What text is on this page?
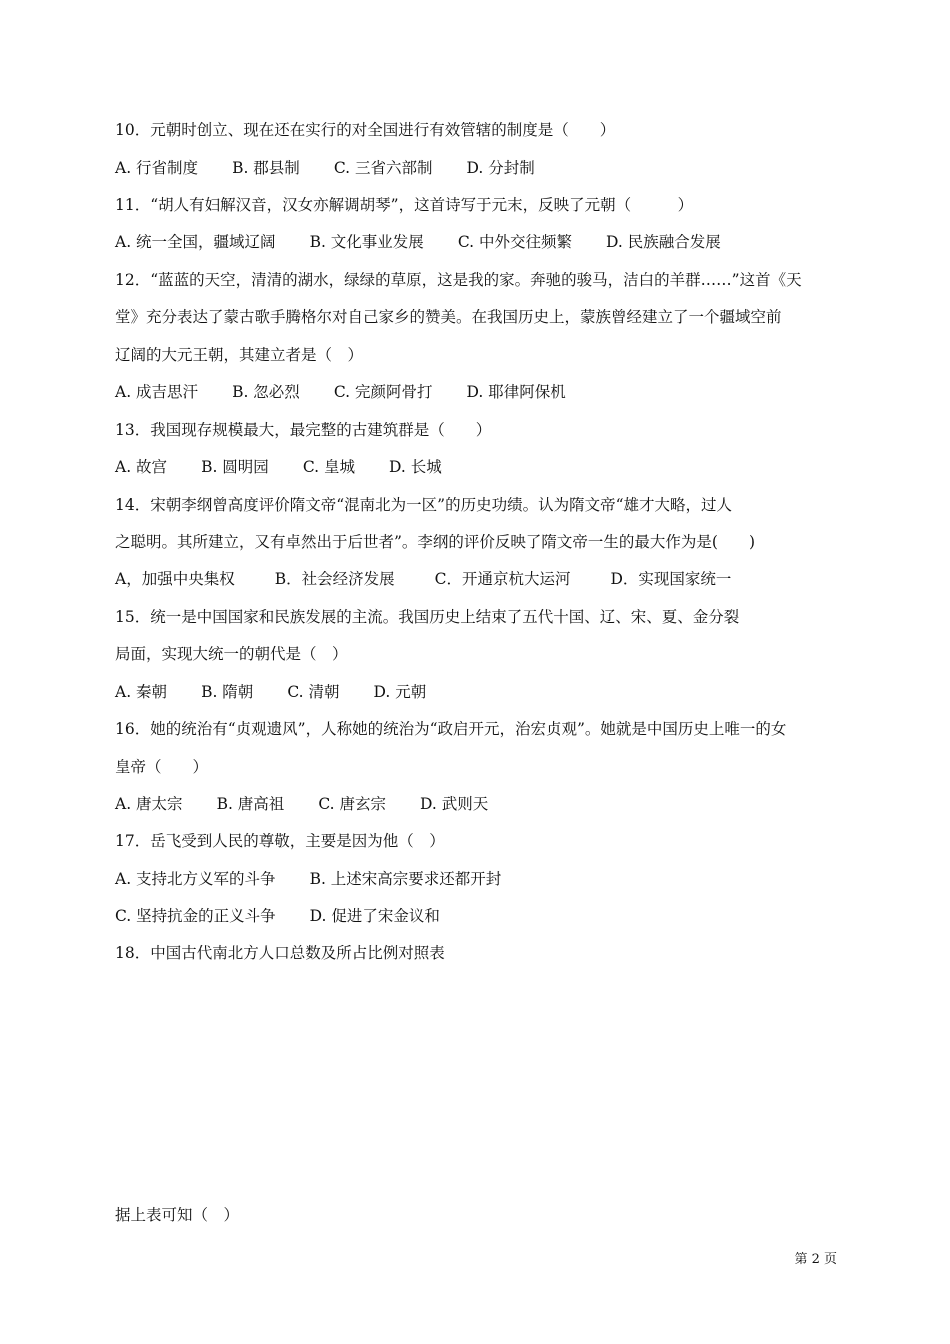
10．元朝时创立、现在还在实行的对全国进行有效管辖的制度是（　　）
A. 行省制度 B. 郡县制 C. 三省六部制 D. 分封制
11．“胡人有妇解汉音，汉女亦解调胡琴”，这首诗写于元末，反映了元朝（　　　）
A. 统一全国，疆域辽阔 B. 文化事业发展 C. 中外交往频繁 D. 民族融合发展
12．“蓝蓝的天空，清清的湖水，绿绿的草原，这是我的家。奔驰的骏马，洁白的羊群……”这首《天
堂》充分表达了蒙古歌手腾格尔对自己家乡的赞美。在我国历史上，蒙族曾经建立了一个疆域空前
辽阔的大元王朝，其建立者是（　）
A. 成吉思汗 B. 忽必烈 C. 完颜阿骨打 D. 耶律阿保机
13．我国现存规模最大，最完整的古建筑群是（　　）
A. 故宫 B. 圆明园 C. 皇城 D. 长城
14．宋朝李纲曾高度评价隋文帝“混南北为一区”的历史功绩。认为隋文帝“雄才大略，过人
之聪明。其所建立，又有卓然出于后世者”。李纲的评价反映了隋文帝一生的最大作为是(　　)
A，加强中央集权	B．社会经济发展	C．开通京杭大运河	D．实现国家统一
15．统一是中国国家和民族发展的主流。我国历史上结束了五代十国、辽、宋、夏、金分裂
局面，实现大统一的朝代是（　）
A. 秦朝 B. 隋朝 C. 清朝 D. 元朝
16．她的统治有“贞观遗风”，人称她的统治为“政启开元，治宏贞观”。她就是中国历史上唯一的女
皇帝（　　）
A. 唐太宗 B. 唐高祖 C. 唐玄宗 D. 武则天
17．岳飞受到人民的尊敬，主要是因为他（　）
A. 支持北方义军的斗争 B. 上述宋高宗要求还都开封
C. 坚持抗金的正义斗争 D. 促进了宋金议和
18．中国古代南北方人口总数及所占比例对照表
据上表可知（　）
第 2 页
